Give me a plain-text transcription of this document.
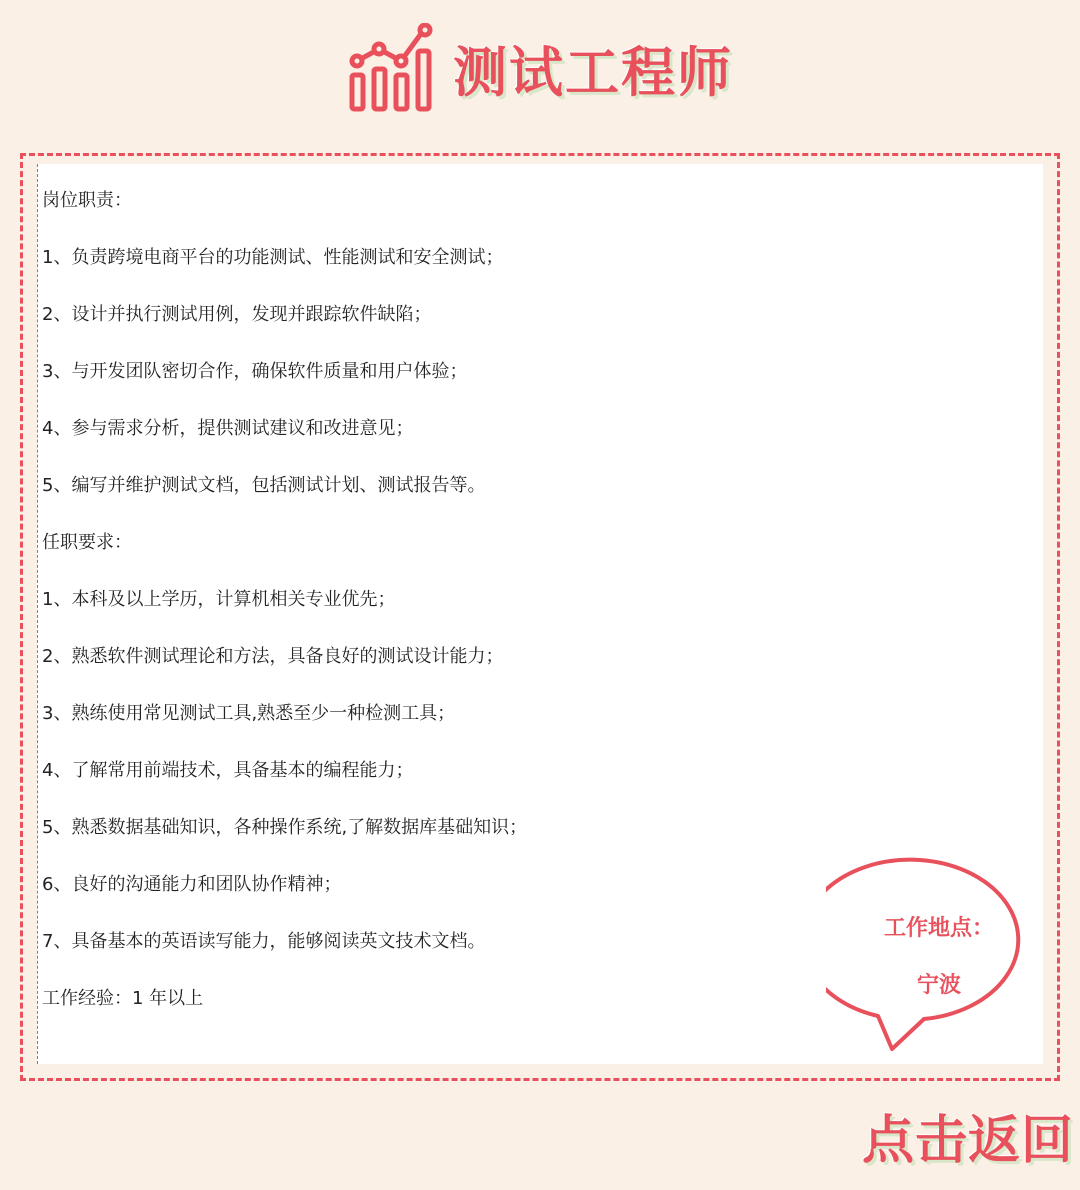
测试工程师
岗位职责：
1、负责跨境电商平台的功能测试、性能测试和安全测试；
2、设计并执行测试用例，发现并跟踪软件缺陷；
3、与开发团队密切合作，确保软件质量和用户体验；
4、参与需求分析，提供测试建议和改进意见；
5、编写并维护测试文档，包括测试计划、测试报告等。
任职要求：
1、本科及以上学历，计算机相关专业优先；
2、熟悉软件测试理论和方法，具备良好的测试设计能力；
3、熟练使用常见测试工具,熟悉至少一种检测工具；
4、了解常用前端技术，具备基本的编程能力；
5、熟悉数据基础知识，各种操作系统,了解数据库基础知识；
6、良好的沟通能力和团队协作精神；
7、具备基本的英语读写能力，能够阅读英文技术文档。
工作经验：1 年以上
工作地点：
宁波
点击返回
